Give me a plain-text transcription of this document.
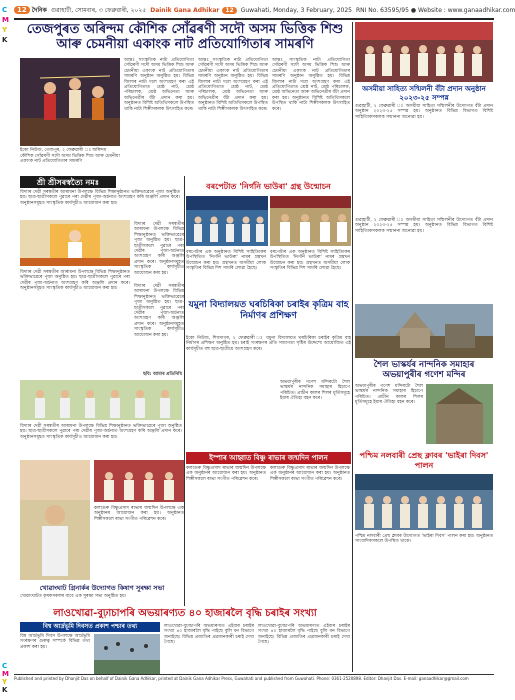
C
M
Y
K
C
M
Y
K
12 দৈনিক গুৱাহাটী, সোমবাৰ, ৩ ফেব্ৰুৱাৰী, ২০২৫ Dainik Gana Adhikar	12	Guwahati, Monday, 3 February, 2025 RNI No. 63595/95 ● Website : www.ganaadhikar.com
তেজপুৰত অৰিন্দম কৌশিক সোঁৱৰণী সদৌ অসম ভিত্তিক শিশু আৰু চেমনীয়া একাংক নাট প্ৰতিযোগিতাৰ সামৰণি
ইকো নিউজ, তেজপুৰ, ২ ফেব্ৰুৱাৰী ঃ অৰিন্দম কৌশিক সোঁৱৰণী সদৌ অসম ভিত্তিক শিশু আৰু চেমনীয়া একাংক নাট প্ৰতিযোগিতাৰ সামৰণি
আন্তঃ সাংস্কৃতিক নাট্য প্ৰতিযোগিতা সোঁৱৰণী সদৌ অসম ভিত্তিক শিশু আৰু চেমনীয়া একাংক নাট প্ৰতিযোগিতাৰ সামৰণি অনুষ্ঠান অনুষ্ঠিত হয়। বিভিন্ন জিলাৰ নাট্য দলে অংশগ্ৰহণ কৰা এই প্ৰতিযোগিতাত শ্ৰেষ্ঠ নাট, শ্ৰেষ্ঠ পৰিচালক, শ্ৰেষ্ঠ অভিনেতা আৰু অভিনেত্ৰীৰ বঁটা প্ৰদান কৰা হয়। অনুষ্ঠানত বিশিষ্ট অতিথিসকলে উপস্থিত থাকি নাট্য শিল্পীসকলক উৎসাহিত কৰে।
আন্তঃ সাংস্কৃতিক নাট্য প্ৰতিযোগিতা সোঁৱৰণী সদৌ অসম ভিত্তিক শিশু আৰু চেমনীয়া একাংক নাট প্ৰতিযোগিতাৰ সামৰণি অনুষ্ঠান অনুষ্ঠিত হয়। বিভিন্ন জিলাৰ নাট্য দলে অংশগ্ৰহণ কৰা এই প্ৰতিযোগিতাত শ্ৰেষ্ঠ নাট, শ্ৰেষ্ঠ পৰিচালক, শ্ৰেষ্ঠ অভিনেতা আৰু অভিনেত্ৰীৰ বঁটা প্ৰদান কৰা হয়। অনুষ্ঠানত বিশিষ্ট অতিথিসকলে উপস্থিত থাকি নাট্য শিল্পীসকলক উৎসাহিত কৰে।
আন্তঃ সাংস্কৃতিক নাট্য প্ৰতিযোগিতা সোঁৱৰণী সদৌ অসম ভিত্তিক শিশু আৰু চেমনীয়া একাংক নাট প্ৰতিযোগিতাৰ সামৰণি অনুষ্ঠান অনুষ্ঠিত হয়। বিভিন্ন জিলাৰ নাট্য দলে অংশগ্ৰহণ কৰা এই প্ৰতিযোগিতাত শ্ৰেষ্ঠ নাট, শ্ৰেষ্ঠ পৰিচালক, শ্ৰেষ্ঠ অভিনেতা আৰু অভিনেত্ৰীৰ বঁটা প্ৰদান কৰা হয়। অনুষ্ঠানত বিশিষ্ট অতিথিসকলে উপস্থিত থাকি নাট্য শিল্পীসকলক উৎসাহিত কৰে।
অসমীয়া সাহিত্য সন্মিলনী বঁটা প্ৰদান অনুষ্ঠান ২০২৩-২৫ সম্পন্ন
গুৱাহাটী, ২ ফেব্ৰুৱাৰী ঃ অসমীয়া সাহিত্য সন্মিলনীৰ উদ্যোগত বঁটা প্ৰদান অনুষ্ঠান ২০২৩-২৫ সম্পন্ন হয়। অনুষ্ঠানত বিভিন্ন বিভাগত বিশিষ্ট সাহিত্যিকসকলক সন্মাননা জনোৱা হয়।
শ্ৰী শ্ৰীসৰস্বত্যৈ নমঃ
বিদ্যাৰ দেৱী সৰস্বতীৰ আৰাধনা উপলক্ষে বিভিন্ন শিক্ষানুষ্ঠানত ভক্তিভাৱেৰে পূজা অনুষ্ঠিত হয়। ছাত্ৰ-ছাত্ৰীসকলে পুৱাৰে পৰা দেৱীৰ পূজা-অৰ্চনাত অংশগ্ৰহণ কৰি অঞ্জলি প্ৰদান কৰে। অনুষ্ঠানসমূহত সাংস্কৃতিক কাৰ্যসূচীও আয়োজন কৰা হয়।
বিদ্যাৰ দেৱী সৰস্বতীৰ আৰাধনা উপলক্ষে বিভিন্ন শিক্ষানুষ্ঠানত ভক্তিভাৱেৰে পূজা অনুষ্ঠিত হয়। ছাত্ৰ-ছাত্ৰীসকলে পুৱাৰে পৰা দেৱীৰ পূজা-অৰ্চনাত অংশগ্ৰহণ কৰি অঞ্জলি প্ৰদান কৰে। অনুষ্ঠানসমূহত সাংস্কৃতিক কাৰ্যসূচীও আয়োজন কৰা হয়।
বিদ্যাৰ দেৱী সৰস্বতীৰ আৰাধনা উপলক্ষে বিভিন্ন শিক্ষানুষ্ঠানত ভক্তিভাৱেৰে পূজা অনুষ্ঠিত হয়। ছাত্ৰ-ছাত্ৰীসকলে পুৱাৰে পৰা দেৱীৰ পূজা-অৰ্চনাত অংশগ্ৰহণ কৰি অঞ্জলি প্ৰদান কৰে। অনুষ্ঠানসমূহত সাংস্কৃতিক কাৰ্যসূচীও আয়োজন কৰা হয়।	বিদ্যাৰ দেৱী সৰস্বতীৰ আৰাধনা উপলক্ষে বিভিন্ন শিক্ষানুষ্ঠানত ভক্তিভাৱেৰে পূজা অনুষ্ঠিত হয়। ছাত্ৰ-ছাত্ৰীসকলে পুৱাৰে পৰা দেৱীৰ পূজা-অৰ্চনাত অংশগ্ৰহণ কৰি অঞ্জলি প্ৰদান কৰে। অনুষ্ঠানসমূহত সাংস্কৃতিক কাৰ্যসূচীও আয়োজন কৰা হয়।
ছবি: আমাৰ প্ৰতিনিধি
বৰপেটাত 'নিৰ্গনি ভাউৰা' গ্ৰন্থ উন্মোচন
বৰপেটাৰ এক অনুষ্ঠানত বিশিষ্ট সাহিত্যিকৰ উপস্থিতিত 'নিৰ্গনি ভাউৰা' নামৰ গ্ৰন্থখন উন্মোচন কৰা হয়। গ্ৰন্থখনত অসমীয়া লোক সংস্কৃতিৰ বিভিন্ন দিশ সামৰি লোৱা হৈছে।
বৰপেটাৰ এক অনুষ্ঠানত বিশিষ্ট সাহিত্যিকৰ উপস্থিতিত 'নিৰ্গনি ভাউৰা' নামৰ গ্ৰন্থখন উন্মোচন কৰা হয়। গ্ৰন্থখনত অসমীয়া লোক সংস্কৃতিৰ বিভিন্ন দিশ সামৰি লোৱা হৈছে।
গুৱাহাটী, ২ ফেব্ৰুৱাৰী ঃ অসমীয়া সাহিত্য সন্মিলনীৰ উদ্যোগত বঁটা প্ৰদান অনুষ্ঠান ২০২৩-২৫ সম্পন্ন হয়। অনুষ্ঠানত বিভিন্ন বিভাগত বিশিষ্ট সাহিত্যিকসকলক সন্মাননা জনোৱা হয়।
যমুনা বিদ্যালয়ত ঘৰচিৰিকা চৰাইৰ কৃত্ৰিম বাহ নিৰ্মাণৰ প্ৰশিক্ষণ
ইকো নিউজ, শিবসাগৰ, ২ ফেব্ৰুৱাৰী ঃ যমুনা বিদ্যালয়ত ঘৰচিৰিকা চৰাইৰ কৃত্ৰিম বাহ নিৰ্মাণৰ প্ৰশিক্ষণ অনুষ্ঠিত হয়। চৰাই সংৰক্ষণৰ প্ৰতি সজাগতা সৃষ্টিৰ উদ্দেশ্যে আয়োজিত এই কাৰ্যসূচীত বহু ছাত্ৰ-ছাত্ৰীয়ে অংশগ্ৰহণ কৰে।
বিদ্যাৰ দেৱী সৰস্বতীৰ আৰাধনা উপলক্ষে বিভিন্ন শিক্ষানুষ্ঠানত ভক্তিভাৱেৰে পূজা অনুষ্ঠিত হয়। ছাত্ৰ-ছাত্ৰীসকলে পুৱাৰে পৰা দেৱীৰ পূজা-অৰ্চনাত অংশগ্ৰহণ কৰি অঞ্জলি প্ৰদান কৰে। অনুষ্ঠানসমূহত সাংস্কৃতিক কাৰ্যসূচীও আয়োজন কৰা হয়।
শৈল ভাস্কৰ্যৰ নান্দনিক সমাহাৰ অভয়াপুৰীৰ গণেশ মন্দিৰ
অভয়াপুৰীৰ গণেশ মন্দিৰটো শৈল ভাস্কৰ্যৰ নান্দনিক সমাহাৰ হিচাপে পৰিচিত। প্ৰাচীন কালৰ শিলৰ মূৰ্তিসমূহে ইয়াৰ ঐতিহ্য বহন কৰে।
অভয়াপুৰীৰ গণেশ মন্দিৰটো শৈল ভাস্কৰ্যৰ নান্দনিক সমাহাৰ হিচাপে পৰিচিত। প্ৰাচীন কালৰ শিলৰ মূৰ্তিসমূহে ইয়াৰ ঐতিহ্য বহন কৰে।
ইস্পাৰ আহ্বাত বিষ্ণু ৰাভাৰ জন্মদিন পালন
কলাগুৰু বিষ্ণুপ্ৰসাদ ৰাভাৰ জন্মদিন উপলক্ষে এক অনুষ্ঠানৰ আয়োজন কৰা হয়। অনুষ্ঠানত শিল্পীসকলে ৰাভা সংগীত পৰিৱেশন কৰে।
কলাগুৰু বিষ্ণুপ্ৰসাদ ৰাভাৰ জন্মদিন উপলক্ষে এক অনুষ্ঠানৰ আয়োজন কৰা হয়। অনুষ্ঠানত শিল্পীসকলে ৰাভা সংগীত পৰিৱেশন কৰে।
কলাগুৰু বিষ্ণুপ্ৰসাদ ৰাভাৰ জন্মদিন উপলক্ষে এক অনুষ্ঠানৰ আয়োজন কৰা হয়। অনুষ্ঠানত শিল্পীসকলে ৰাভা সংগীত পৰিৱেশন কৰে।
পশ্চিম নলবাৰী প্ৰেছ ক্লাবৰ 'ভাইৰা দিবস' পালন
পশ্চিম নলবাৰী প্ৰেছ ক্লাবৰ উদ্যোগত 'ভাইৰা দিবস' পালন কৰা হয়। অনুষ্ঠানত সাংবাদিকসকলে উপস্থিত থাকে।
খোৱাংঘাট গ্ৰিনাৰ্কৰ উদ্যোগত কিষাণ সুৰক্ষা সভা
খোৱাংঘাটত কৃষকসকলৰ বাবে এক সুৰক্ষা সভা অনুষ্ঠিত হয়।
লাওখোৱা-বুঢ়াচাপৰি অভয়াৰণ্যত ৪০ হাজাৰলৈ বৃদ্ধি চৰাইৰ সংখ্যা
বিশ্ব আৰ্দ্ৰভূমি দিবসত প্ৰকাশ পশ্চাৰ তথ্য
বিশ্ব আৰ্দ্ৰভূমি দিবস উপলক্ষে আৰ্দ্ৰভূমি সংৰক্ষণৰ গুৰুত্ব সম্পৰ্কে বিভিন্ন তথ্য প্ৰকাশ কৰা হয়।
লাওখোৱা-বুঢ়াচাপৰি অভয়াৰণ্যত এইবাৰ চৰাইৰ সংখ্যা ৪০ হাজাৰলৈ বৃদ্ধি পাইছে বুলি বন বিভাগে জনাইছে। বিভিন্ন প্ৰজাতিৰ প্ৰব্ৰজনকাৰী চৰাই দেখা গৈছে।
লাওখোৱা-বুঢ়াচাপৰি অভয়াৰণ্যত এইবাৰ চৰাইৰ সংখ্যা ৪০ হাজাৰলৈ বৃদ্ধি পাইছে বুলি বন বিভাগে জনাইছে। বিভিন্ন প্ৰজাতিৰ প্ৰব্ৰজনকাৰী চৰাই দেখা গৈছে।
Published and printed by Dhanjit Das on behalf of Dainik Gana Adhikar, printed at Dainik Gana Adhikar Press, Guwahati and published from Guwahati. Phone: 0361-2520898. Editor: Dhanjit Das. E-mail: ganaadhikar@gmail.com
